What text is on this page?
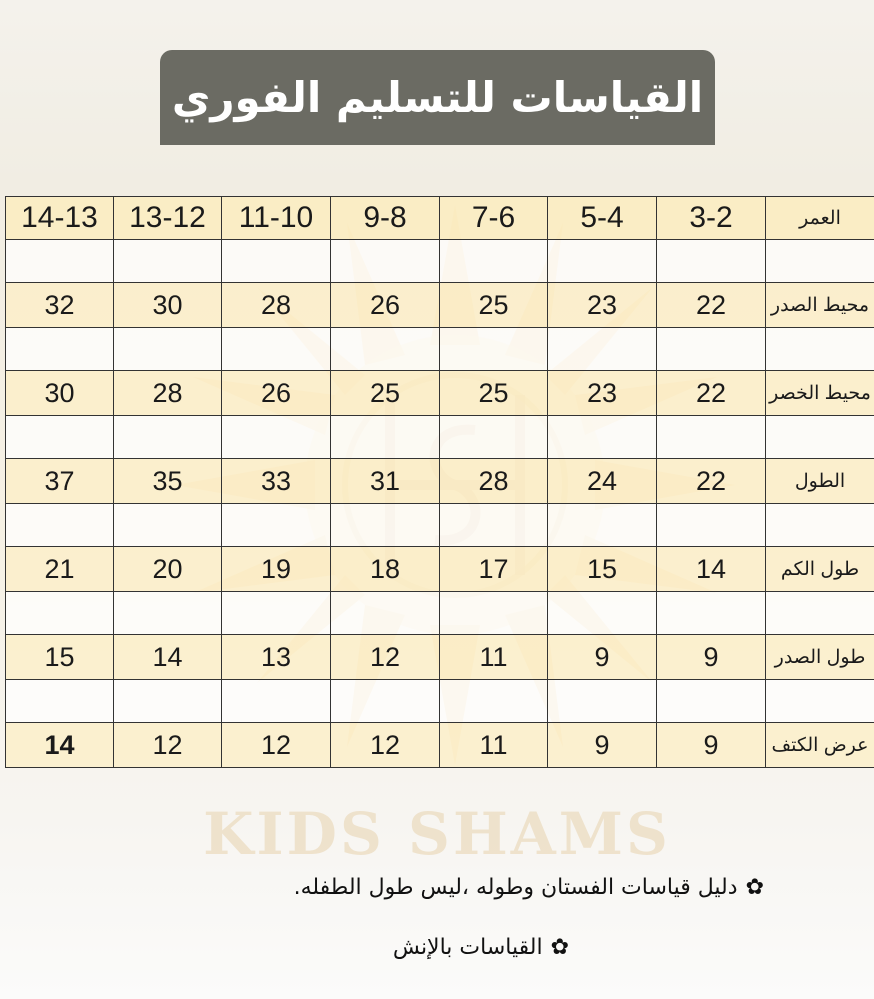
KIDS SHAMS
القياسات للتسليم الفوري
14-13	13-12	11-10	9-8	7-6	5-4	3-2	العمر

32	30	28	26	25	23	22	محيط الصدر

30	28	26	25	25	23	22	محيط الخصر

37	35	33	31	28	24	22	الطول

21	20	19	18	17	15	14	طول الكم

15	14	13	12	11	9	9	طول الصدر

14	12	12	12	11	9	9	عرض الكتف
✿دليل قياسات الفستان وطوله ،ليس طول الطفله.
✿القياسات بالإنش
